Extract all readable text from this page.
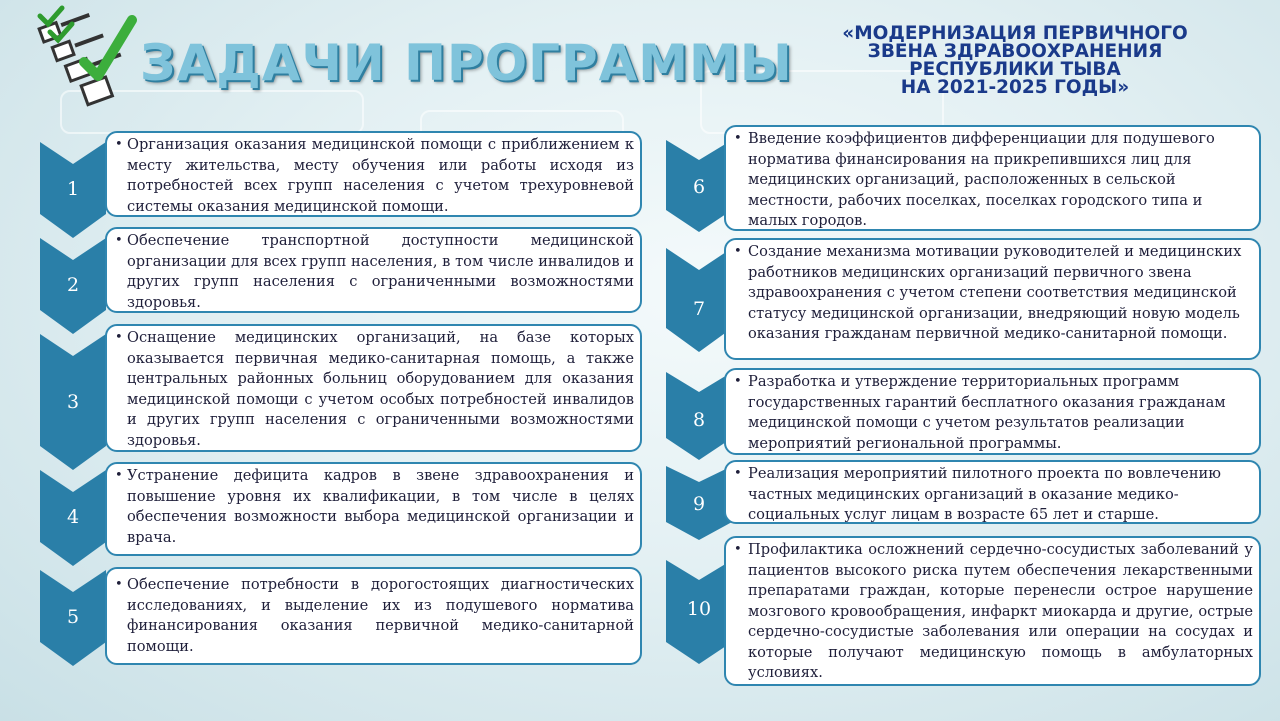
ЗАДАЧИ ПРОГРАММЫ
«МОДЕРНИЗАЦИЯ ПЕРВИЧНОГО
ЗВЕНА ЗДРАВООХРАНЕНИЯ
РЕСПУБЛИКИ ТЫВА
НА 2021-2025 ГОДЫ»
1
• Организация оказания медицинской помощи с приближением к месту жительства, месту обучения или работы исходя из потребностей всех групп населения с учетом трехуровневой системы оказания медицинской помощи.
2
• Обеспечение транспортной доступности медицинской организации для всех групп населения, в том числе инвалидов и других групп населения с ограниченными возможностями здоровья.
3
• Оснащение медицинских организаций, на базе которых оказывается первичная медико-санитарная помощь, а также центральных районных больниц оборудованием для оказания медицинской помощи с учетом особых потребностей инвалидов и других групп населения с ограниченными возможностями здоровья.
4
• Устранение дефицита кадров в звене здравоохранения и повышение уровня их квалификации, в том числе в целях обеспечения возможности выбора медицинской организации и врача.
5
• Обеспечение потребности в дорогостоящих диагностических исследованиях, и выделение их из подушевого норматива финансирования оказания первичной медико-санитарной помощи.
6
• Введение коэффициентов дифференциации для подушевого норматива финансирования на прикрепившихся лиц для медицинских организаций, расположенных в сельской местности, рабочих поселках, поселках городского типа и малых городов.
7
• Создание механизма мотивации руководителей и медицинских работников медицинских организаций первичного звена здравоохранения с учетом степени соответствия медицинской статусу медицинской организации, внедряющий новую модель оказания гражданам первичной медико-санитарной помощи.
8
• Разработка и утверждение территориальных программ государственных гарантий бесплатного оказания гражданам медицинской помощи с учетом результатов реализации мероприятий региональной программы.
9
• Реализация мероприятий пилотного проекта по вовлечению частных медицинских организаций в оказание медико-социальных услуг лицам в возрасте 65 лет и старше.
10
• Профилактика осложнений сердечно-сосудистых заболеваний у пациентов высокого риска путем обеспечения лекарственными препаратами граждан, которые перенесли острое нарушение мозгового кровообращения, инфаркт миокарда и другие, острые сердечно-сосудистые заболевания или операции на сосудах и которые получают медицинскую помощь в амбулаторных условиях.
